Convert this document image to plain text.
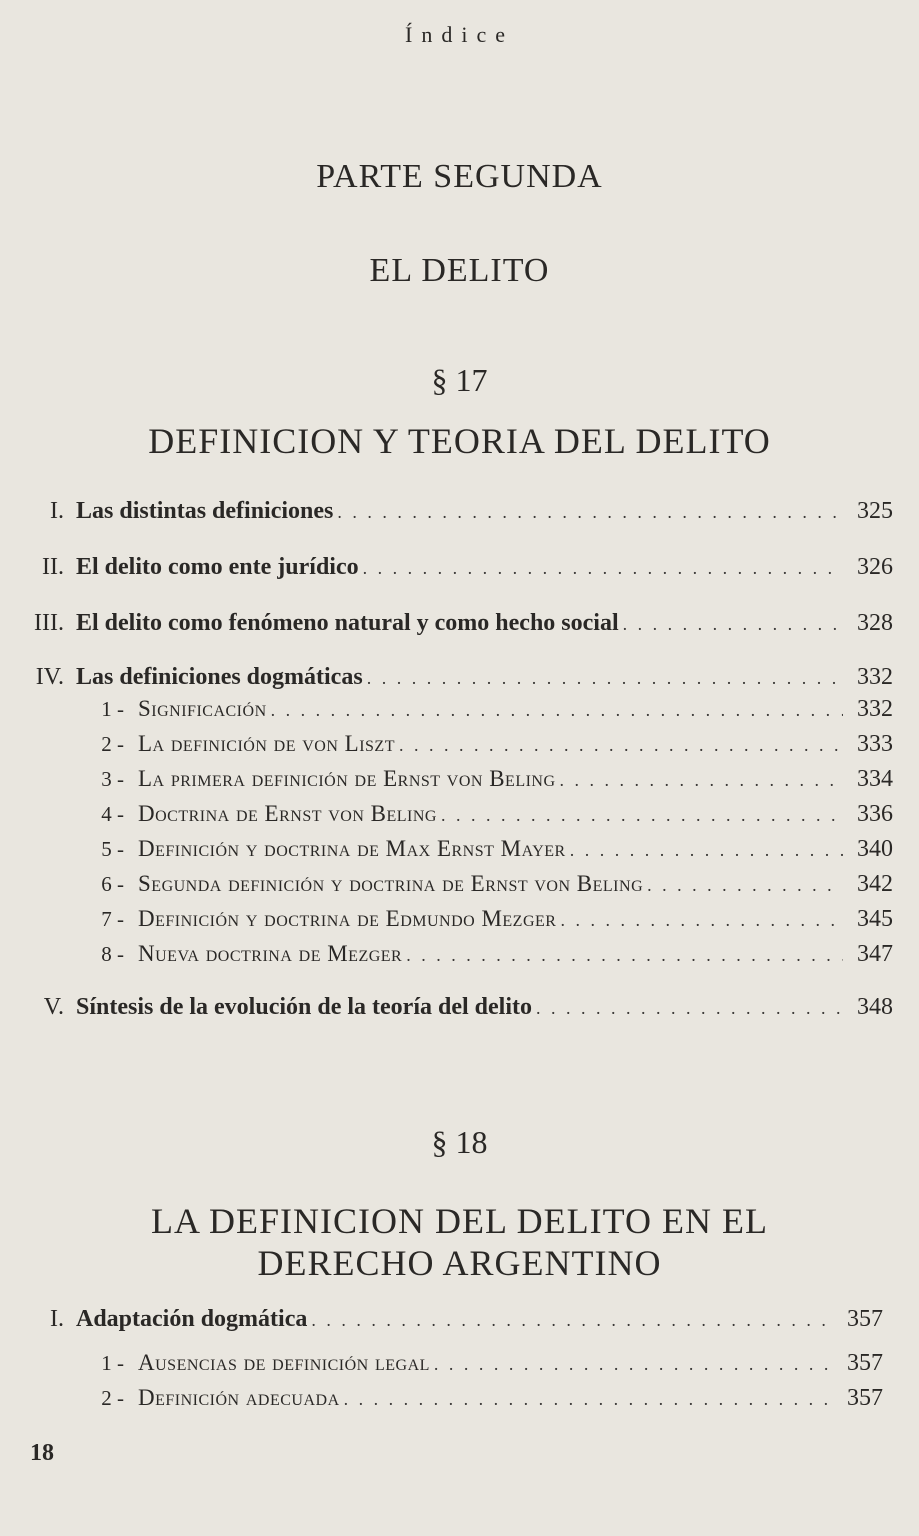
Índice
PARTE SEGUNDA
EL DELITO
§ 17
DEFINICION Y TEORIA DEL DELITO
I. Las distintas definiciones . . .	325
II. El delito como ente jurídico . . .	326
III. El delito como fenómeno natural y como hecho social . . .	328
IV. Las definiciones dogmáticas . . .	332
1 - Significación . . .	332
2 - La definición de von Liszt . . .	333
3 - La primera definición de Ernst von Beling . . .	334
4 - Doctrina de Ernst von Beling . . .	336
5 - Definición y doctrina de Max Ernst Mayer . . .	340
6 - Segunda definición y doctrina de Ernst von Beling . . .	342
7 - Definición y doctrina de Edmundo Mezger . . .	345
8 - Nueva doctrina de Mezger . . .	347
V. Síntesis de la evolución de la teoría del delito . . .	348
§ 18
LA DEFINICION DEL DELITO EN EL
DERECHO ARGENTINO
I. Adaptación dogmática . . .	357
1 - Ausencias de definición legal . . .	357
2 - Definición adecuada . . .	357
18
